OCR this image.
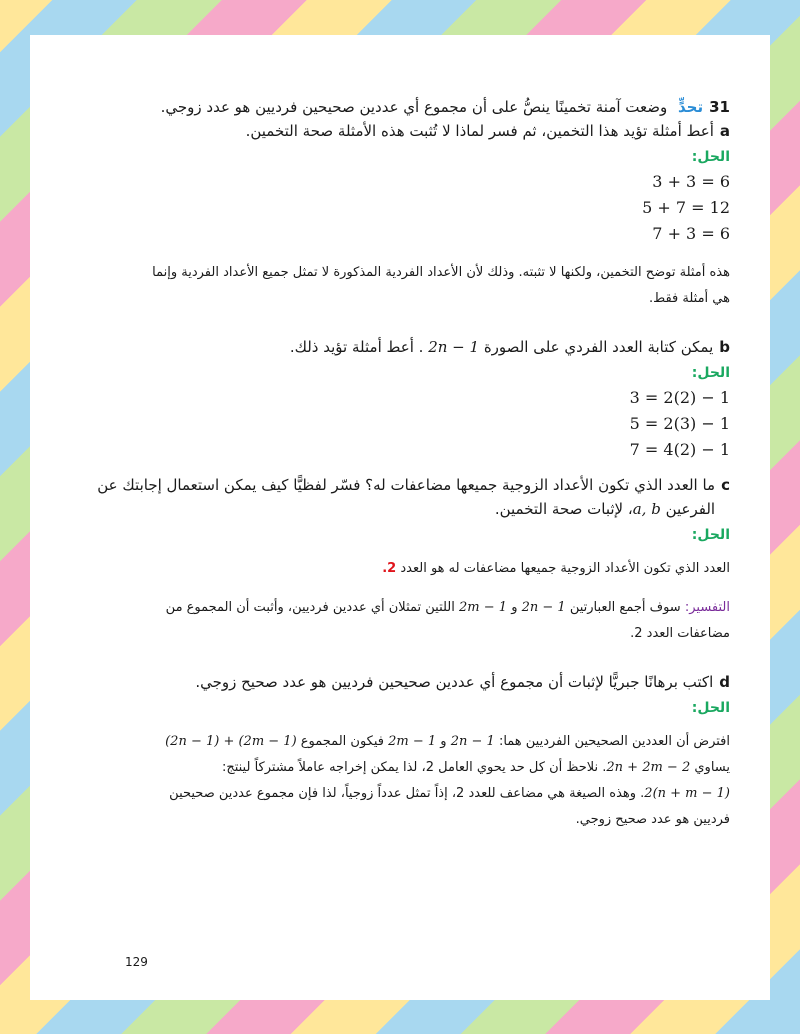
31
تحدٍّ وضعت آمنة تخمينًا ينصُّ على أن مجموع أي عددين صحيحين فرديين هو عدد زوجي.
a
أعط أمثلة تؤيد هذا التخمين، ثم فسر لماذا لا تُثبت هذه الأمثلة صحة التخمين.
الحل:
3 + 3 = 6
5 + 7 = 12
7 + 3 = 6

هذه أمثلة توضح التخمين، ولكنها لا تثبته. وذلك لأن الأعداد الفردية المذكورة لا تمثل جميع الأعداد الفردية وإنما
هي أمثلة فقط.

b
يمكن كتابة العدد الفردي على الصورة 2n − 1 . أعط أمثلة تؤيد ذلك.
الحل:
3 = 2(2) − 1
5 = 2(3) − 1
7 = 4(2) − 1
c
ما العدد الذي تكون الأعداد الزوجية جميعها مضاعفات له؟ فسّر لفظيًّا كيف يمكن استعمال إجابتك عن
الفرعين a, b، لإثبات صحة التخمين.
الحل:

العدد الذي تكون الأعداد الزوجية جميعها مضاعفات له هو العدد 2.

التفسير: سوف أجمع العبارتين 2n − 1 و 2m − 1 اللتين تمثلان أي عددين فرديين، وأثبت أن المجموع من
مضاعفات العدد 2.

d
اكتب برهانًا جبريًّا لإثبات أن مجموع أي عددين صحيحين فرديين هو عدد صحيح زوجي.
الحل:

افترض أن العددين الصحيحين الفرديين هما: 2n − 1 و 2m − 1 فيكون المجموع (2n − 1) + (2m − 1)
يساوي 2n + 2m − 2. نلاحظ أن كل حد يحوي العامل 2، لذا يمكن إخراجه عاملاً مشتركاً لينتج:
2(n + m − 1). وهذه الصيغة هي مضاعف للعدد 2، إذاً تمثل عدداً زوجياً، لذا فإن مجموع عددين صحيحين
فرديين هو عدد صحيح زوجي.

129
